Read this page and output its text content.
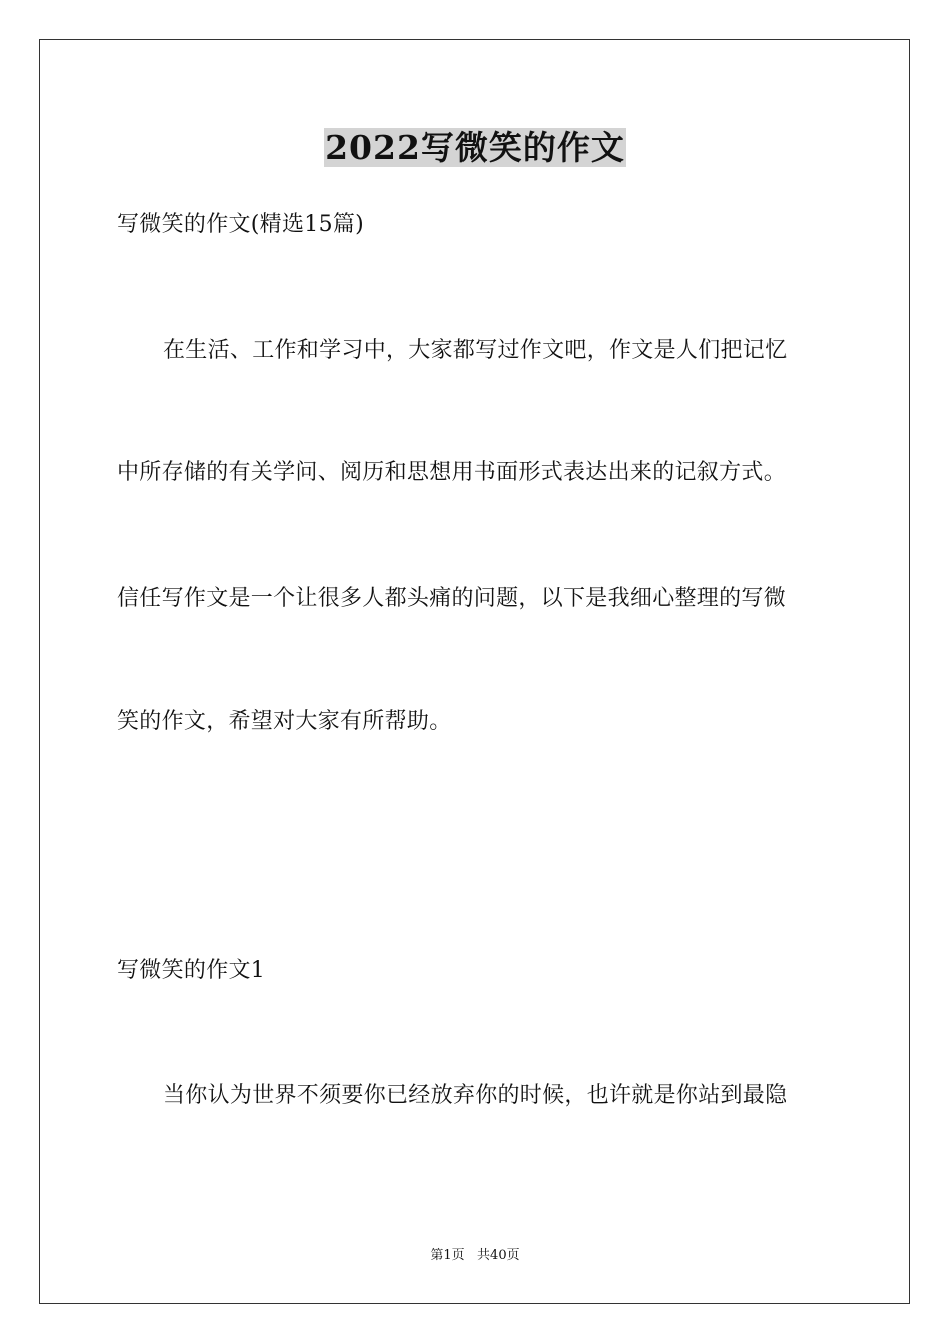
2022写微笑的作文
写微笑的作文(精选15篇)
在生活、工作和学习中，大家都写过作文吧，作文是人们把记忆
中所存储的有关学问、阅历和思想用书面形式表达出来的记叙方式。
信任写作文是一个让很多人都头痛的问题，以下是我细心整理的写微
笑的作文，希望对大家有所帮助。
写微笑的作文1
当你认为世界不须要你已经放弃你的时候，也许就是你站到最隐
第1页   共40页
